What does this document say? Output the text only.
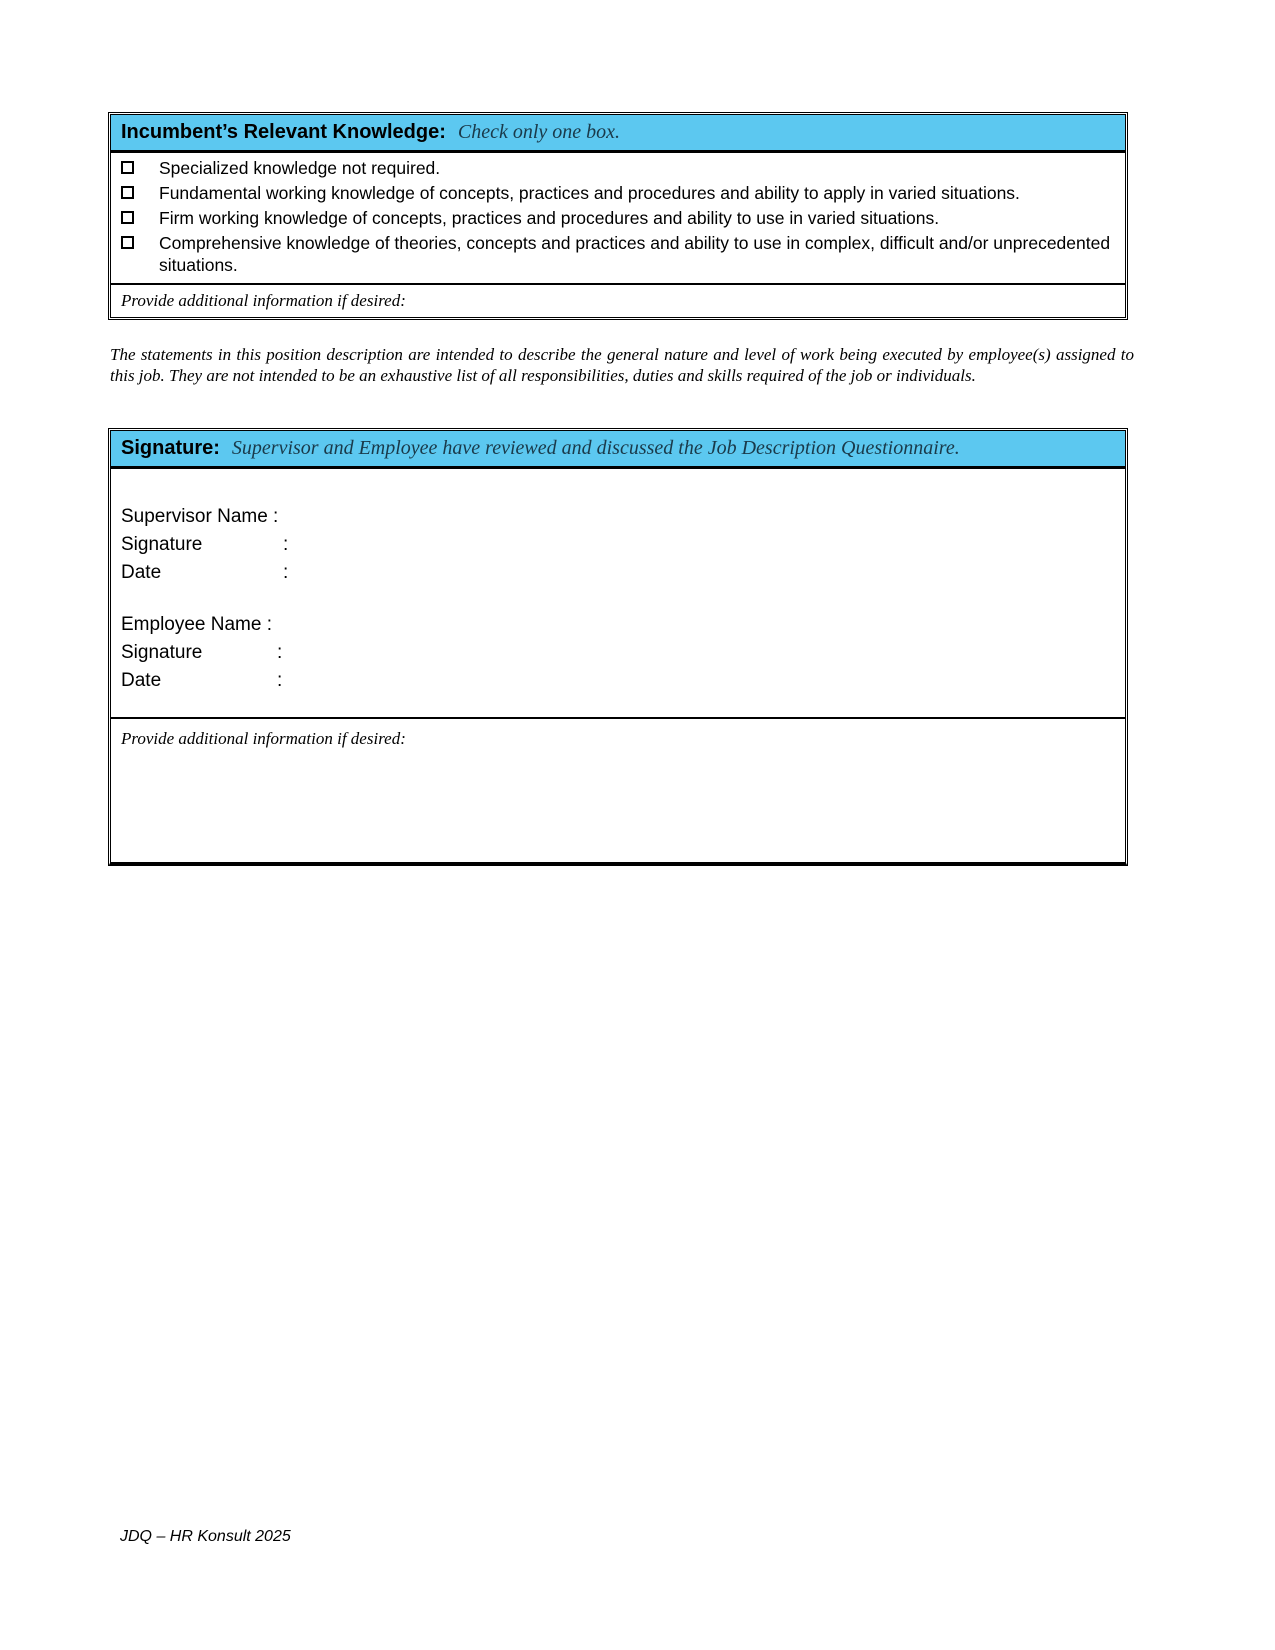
Incumbent’s Relevant Knowledge: Check only one box.
Specialized knowledge not required.
Fundamental working knowledge of concepts, practices and procedures and ability to apply in varied situations.
Firm working knowledge of concepts, practices and procedures and ability to use in varied situations.
Comprehensive knowledge of theories, concepts and practices and ability to use in complex, difficult and/or unprecedented situations.
Provide additional information if desired:

The statements in this position description are intended to describe the general nature and level of work being executed by employee(s) assigned to this job. They are not intended to be an exhaustive list of all responsibilities, duties and skills required of the job or individuals.

Signature: Supervisor and Employee have reviewed and discussed the Job Description Questionnaire.
Supervisor Name :
Signature	:
Date	:
Employee Name :
Signature	:
Date	:
Provide additional information if desired:
JDQ – HR Konsult 2025
